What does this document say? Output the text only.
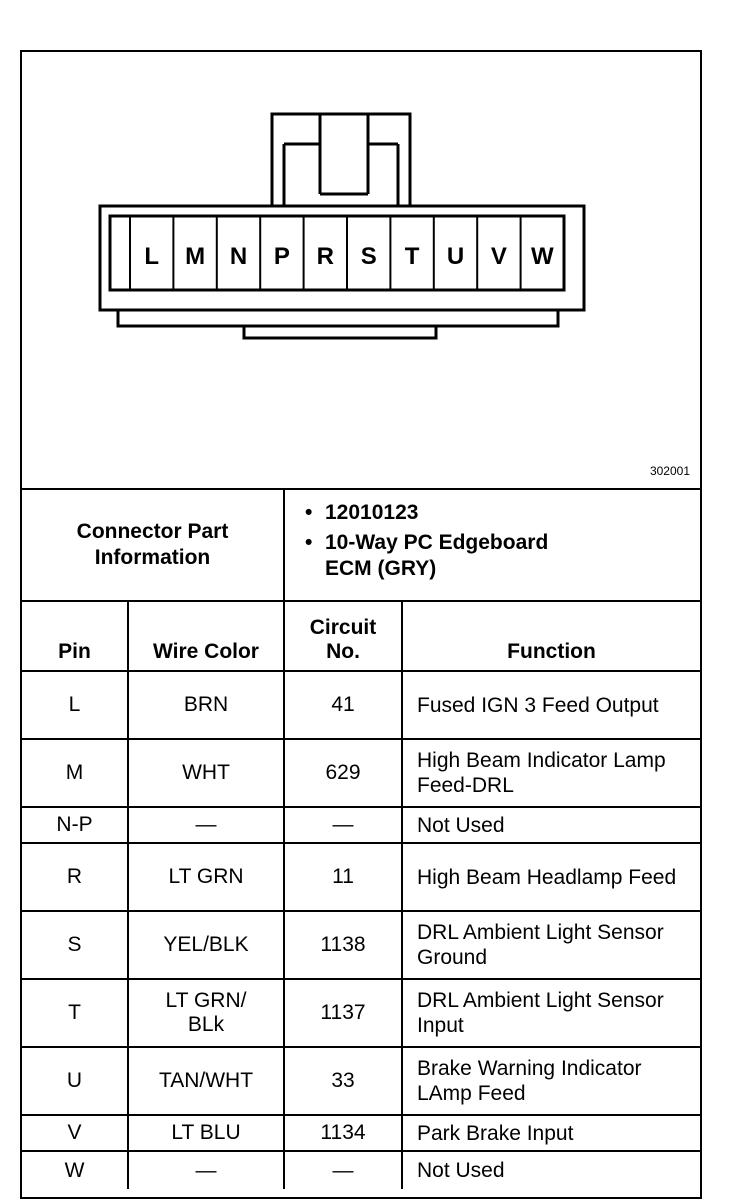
L M N P R S T U V W
302001
Connector Part Information		• 12010123
• 10-Way PC Edgeboard ECM (GRY)	

Pin	Wire Color	Circuit No.	Function
L	BRN	41	Fused IGN 3 Feed Output
M	WHT	629	High Beam Indicator Lamp Feed-DRL
N-P	—	—	Not Used
R	LT GRN	11	High Beam Headlamp Feed
S	YEL/BLK	1138	DRL Ambient Light Sensor Ground
T	LT GRN/ BLk	1137	DRL Ambient Light Sensor Input
U	TAN/WHT	33	Brake Warning Indicator LAmp Feed
V	LT BLU	1134	Park Brake Input
W	—	—	Not Used
